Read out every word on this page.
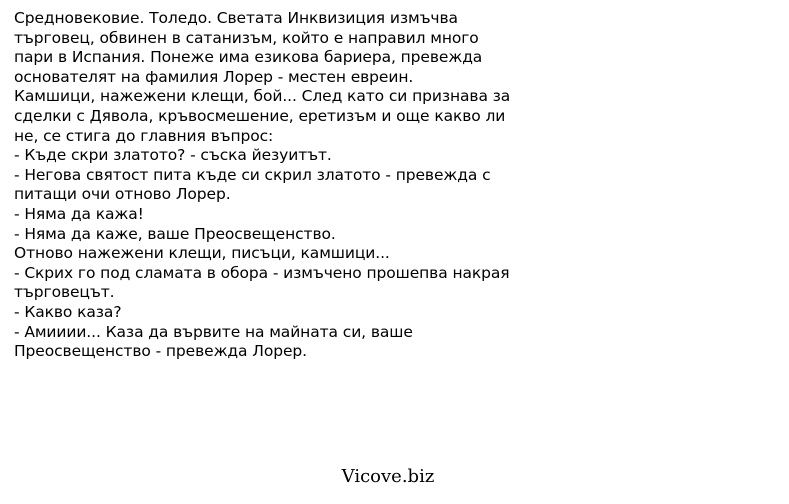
Средновековие. Толедо. Светата Инквизиция измъчва
търговец, обвинен в сатанизъм, който е направил много
пари в Испания. Понеже има езикова бариера, превежда
основателят на фамилия Лорер - местен евреин.
Камшици, нажежени клещи, бой... След като си признава за
сделки с Дявола, кръвосмешение, еретизъм и още какво ли
не, се стига до главния въпрос:
- Къде скри златото? - съска йезуитът.
- Негова святост пита къде си скрил златото - превежда с
питащи очи отново Лорер.
- Няма да кажа!
- Няма да каже, ваше Преосвещенство.
Отново нажежени клещи, писъци, камшици...
- Скрих го под сламата в обора - измъчено прошепва накрая
търговецът.
- Какво каза?
- Амииии... Каза да вървите на майната си, ваше
Преосвещенство - превежда Лорер.
Vicove.biz
